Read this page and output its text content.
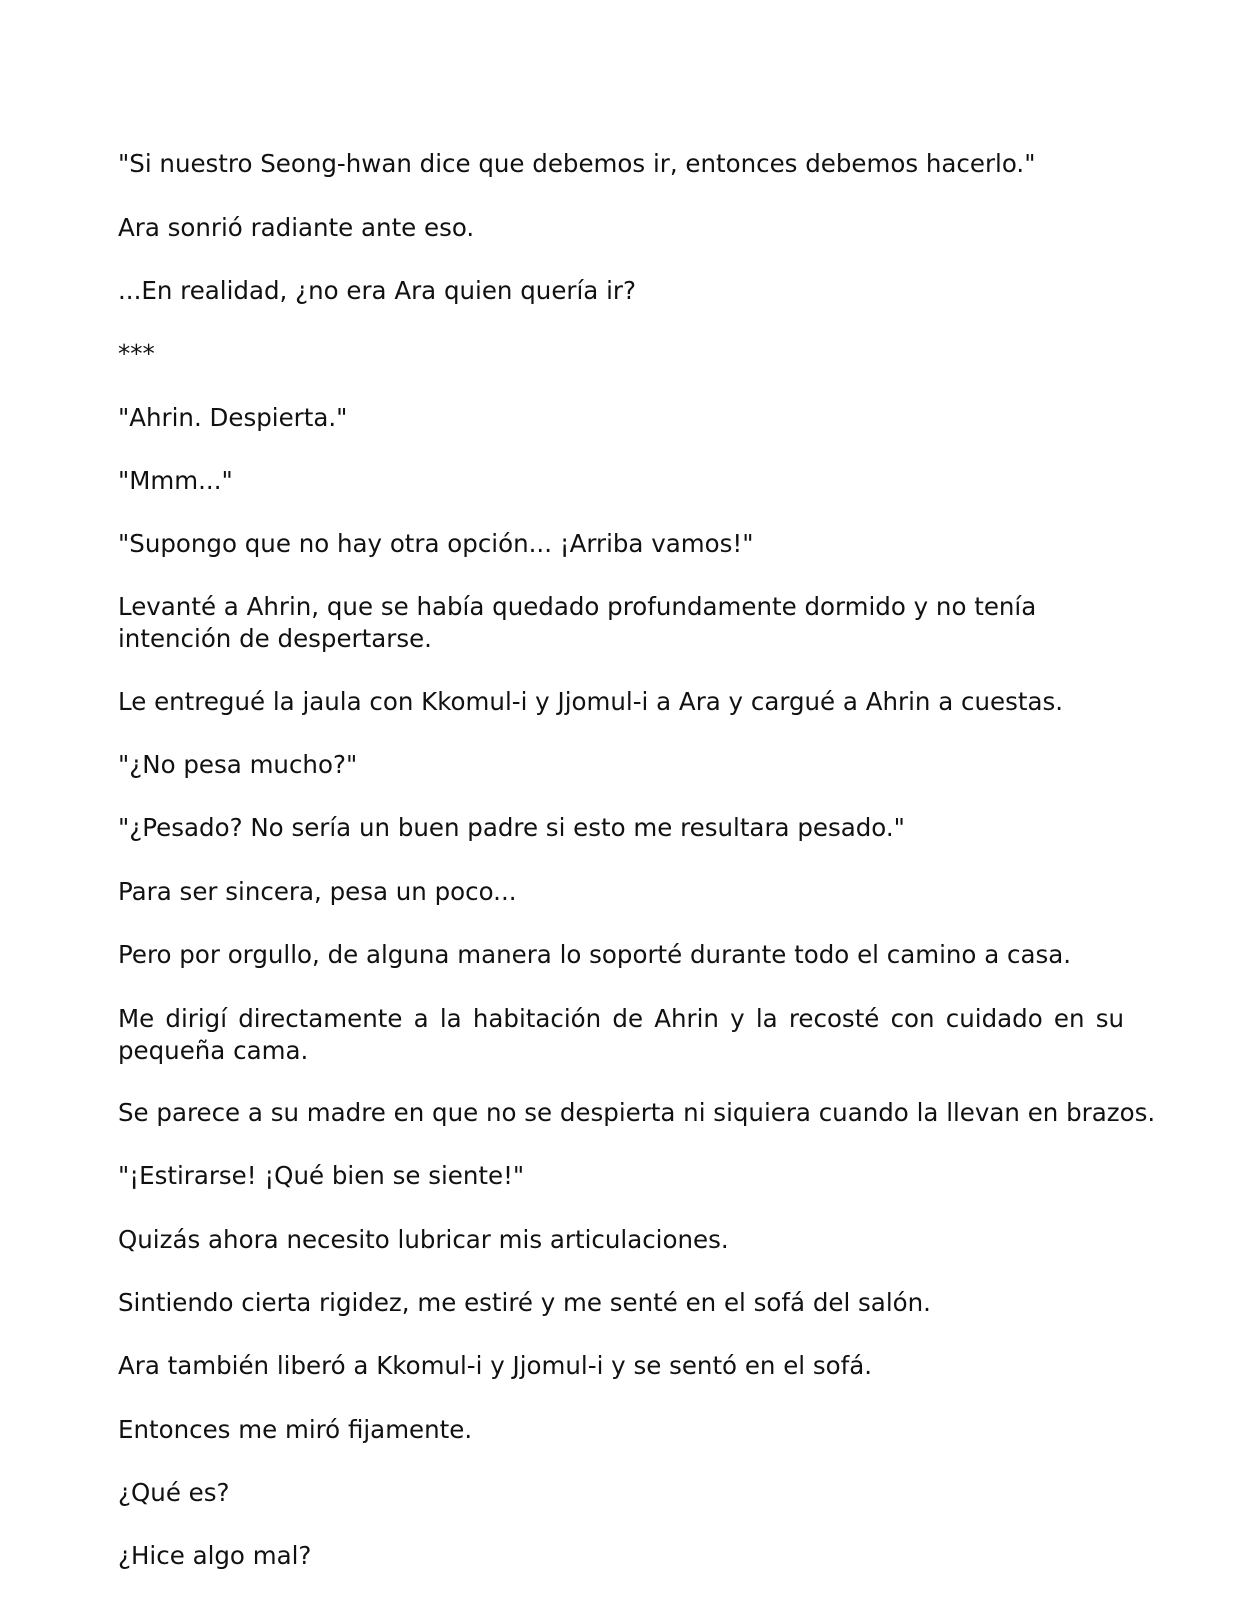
"Si nuestro Seong-hwan dice que debemos ir, entonces debemos hacerlo."

Ara sonrió radiante ante eso.

...En realidad, ¿no era Ara quien quería ir?

***

"Ahrin. Despierta."

"Mmm..."

"Supongo que no hay otra opción... ¡Arriba vamos!"

Levanté a Ahrin, que se había quedado profundamente dormido y no tenía intención de despertarse.

Le entregué la jaula con Kkomul-i y Jjomul-i a Ara y cargué a Ahrin a cuestas.

"¿No pesa mucho?"

"¿Pesado? No sería un buen padre si esto me resultara pesado."

Para ser sincera, pesa un poco...

Pero por orgullo, de alguna manera lo soporté durante todo el camino a casa.

Me dirigí directamente a la habitación de Ahrin y la recosté con cuidado en su pequeña cama.

Se parece a su madre en que no se despierta ni siquiera cuando la llevan en brazos.

"¡Estirarse! ¡Qué bien se siente!"

Quizás ahora necesito lubricar mis articulaciones.

Sintiendo cierta rigidez, me estiré y me senté en el sofá del salón.

Ara también liberó a Kkomul-i y Jjomul-i y se sentó en el sofá.

Entonces me miró fijamente.

¿Qué es?

¿Hice algo mal?
